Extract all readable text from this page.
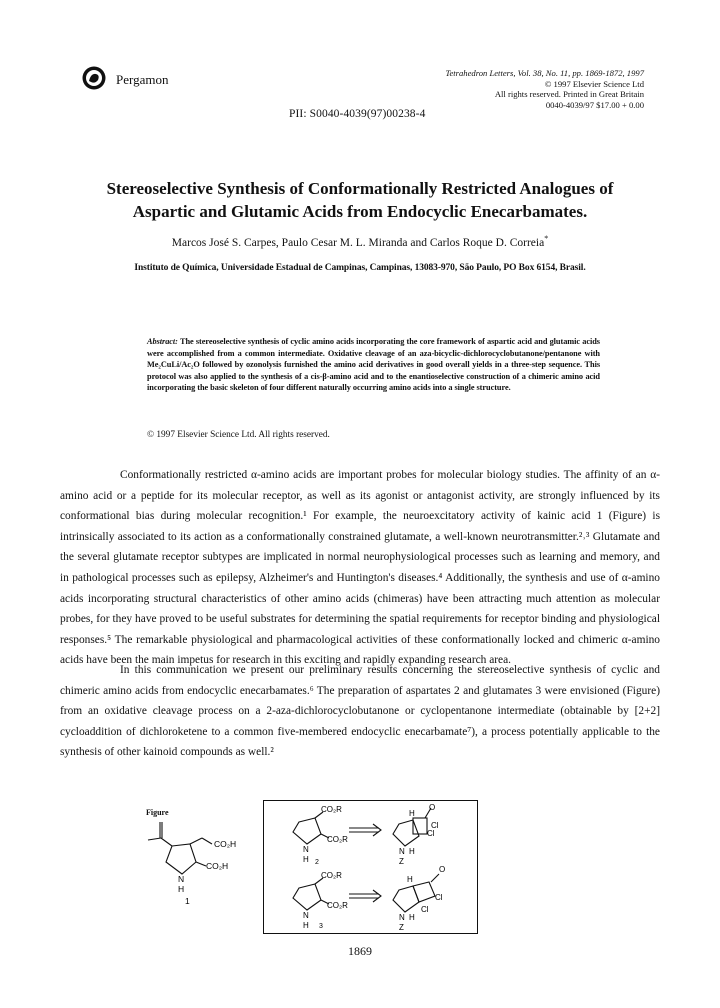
Pergamon	Tetrahedron Letters, Vol. 38, No. 11, pp. 1869-1872, 1997
© 1997 Elsevier Science Ltd
All rights reserved. Printed in Great Britain
0040-4039/97 $17.00 + 0.00
PII: S0040-4039(97)00238-4
Stereoselective Synthesis of Conformationally Restricted Analogues of
Aspartic and Glutamic Acids from Endocyclic Enecarbamates.
Marcos José S. Carpes, Paulo Cesar M. L. Miranda and Carlos Roque D. Correia*
Instituto de Química, Universidade Estadual de Campinas, Campinas, 13083-970, São Paulo, PO Box 6154, Brasil.
Abstract: The stereoselective synthesis of cyclic amino acids incorporating the core framework of aspartic acid and glutamic acids were accomplished from a common intermediate. Oxidative cleavage of an aza-bicyclic-dichlorocyclobutanone/pentanone with Me₂CuLi/Ac₂O followed by ozonolysis furnished the amino acid derivatives in good overall yields in a three-step sequence. This protocol was also applied to the synthesis of a cis-β-amino acid and to the enantioselective construction of a chimeric amino acid incorporating the basic skeleton of four different naturally occurring amino acids into a single structure.
© 1997 Elsevier Science Ltd. All rights reserved.
Conformationally restricted α-amino acids are important probes for molecular biology studies. The affinity of an α-amino acid or a peptide for its molecular receptor, as well as its agonist or antagonist activity, are strongly influenced by its conformational bias during molecular recognition.¹ For example, the neuroexcitatory activity of kainic acid 1 (Figure) is intrinsically associated to its action as a conformationally constrained glutamate, a well-known neurotransmitter.²˒³ Glutamate and the several glutamate receptor subtypes are implicated in normal neurophysiological processes such as learning and memory, and in pathological processes such as epilepsy, Alzheimer's and Huntington's diseases.⁴ Additionally, the synthesis and use of α-amino acids incorporating structural characteristics of other amino acids (chimeras) have been attracting much attention as molecular probes, for they have proved to be useful substrates for determining the spatial requirements for receptor binding and physiological responses.⁵ The remarkable physiological and pharmacological activities of these conformationally locked and chimeric α-amino acids have been the main impetus for research in this exciting and rapidly expanding research area.
In this communication we present our preliminary results concerning the stereoselective synthesis of cyclic and chimeric amino acids from endocyclic enecarbamates.⁶ The preparation of aspartates 2 and glutamates 3 were envisioned (Figure) from an oxidative cleavage process on a 2-aza-dichlorocyclobutanone or cyclopentanone intermediate (obtainable by [2+2] cycloaddition of dichloroketene to a common five-membered endocyclic enecarbamate⁷), a process potentially applicable to the synthesis of other kainoid compounds as well.²
Figure
CO₂H
CO₂H
N
H
1
CO₂R
CO₂R
N
H 2
H
O
Cl
Cl
N H
Z
CO₂R
CO₂R
N
H 3
H
O
Cl
Cl
N H
Z
1869
